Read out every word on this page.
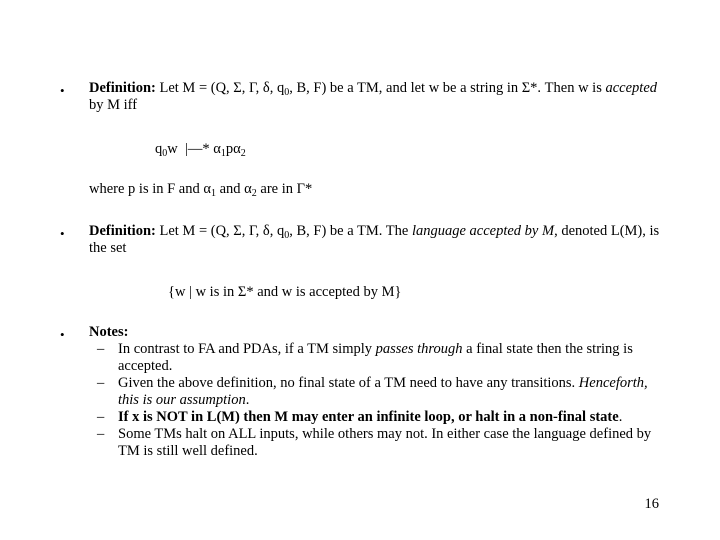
• Definition: Let M = (Q, Σ, Γ, δ, $q_0$, B, F) be a TM, and let w be a string in Σ*. Then w is accepted by M iff
$q_0w$ |—* $\alpha_1p\alpha_2$
where p is in F and $\alpha_1$ and $\alpha_2$ are in Γ*
• Definition: Let M = (Q, Σ, Γ, δ, $q_0$, B, F) be a TM. The language accepted by M, denoted L(M), is the set
{w | w is in Σ* and w is accepted by M}
• Notes:
– In contrast to FA and PDAs, if a TM simply passes through a final state then the string is accepted.
– Given the above definition, no final state of a TM need to have any transitions. Henceforth, this is our assumption.
– If x is NOT in L(M) then M may enter an infinite loop, or halt in a non-final state.
– Some TMs halt on ALL inputs, while others may not. In either case the language defined by TM is still well defined.
16
